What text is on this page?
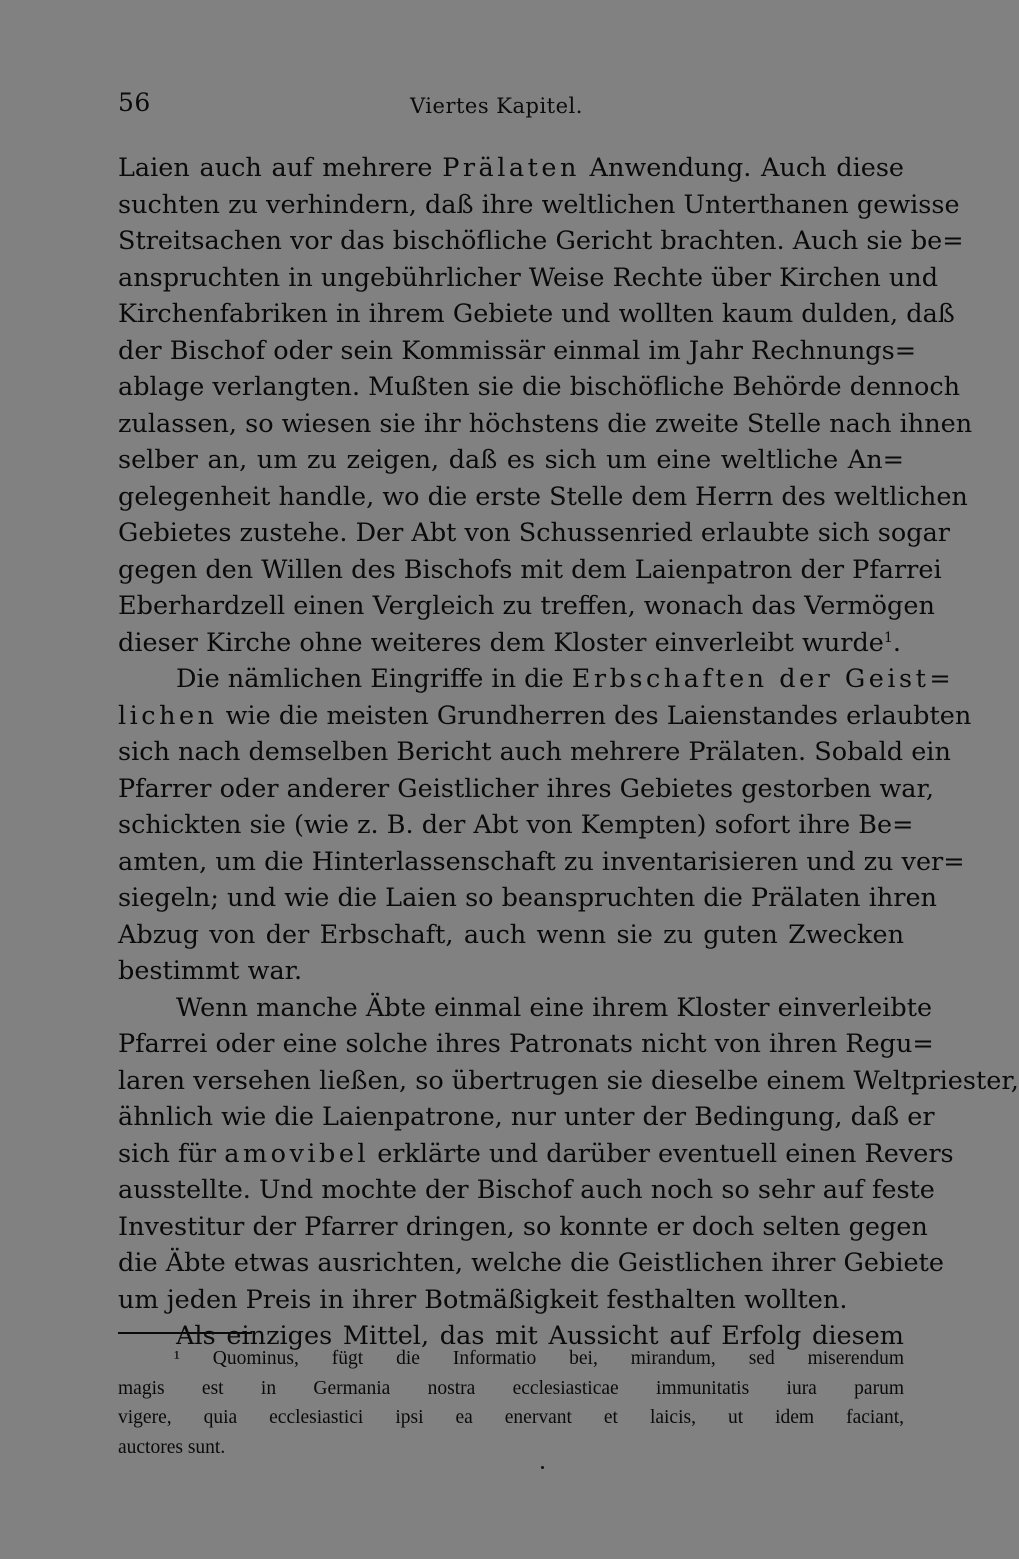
56	Viertes Kapitel.
Laien auch auf mehrere Prälaten Anwendung. Auch diese
suchten zu verhindern, daß ihre weltlichen Unterthanen gewisse
Streitsachen vor das bischöfliche Gericht brachten. Auch sie be=
anspruchten in ungebührlicher Weise Rechte über Kirchen und
Kirchenfabriken in ihrem Gebiete und wollten kaum dulden, daß
der Bischof oder sein Kommissär einmal im Jahr Rechnungs=
ablage verlangten. Mußten sie die bischöfliche Behörde dennoch
zulassen, so wiesen sie ihr höchstens die zweite Stelle nach ihnen
selber an, um zu zeigen, daß es sich um eine weltliche An=
gelegenheit handle, wo die erste Stelle dem Herrn des weltlichen
Gebietes zustehe. Der Abt von Schussenried erlaubte sich sogar
gegen den Willen des Bischofs mit dem Laienpatron der Pfarrei
Eberhardzell einen Vergleich zu treffen, wonach das Vermögen
dieser Kirche ohne weiteres dem Kloster einverleibt wurde$^1$.
Die nämlichen Eingriffe in die Erbschaften der Geist=
lichen wie die meisten Grundherren des Laienstandes erlaubten
sich nach demselben Bericht auch mehrere Prälaten. Sobald ein
Pfarrer oder anderer Geistlicher ihres Gebietes gestorben war,
schickten sie (wie z. B. der Abt von Kempten) sofort ihre Be=
amten, um die Hinterlassenschaft zu inventarisieren und zu ver=
siegeln; und wie die Laien so beanspruchten die Prälaten ihren
Abzug von der Erbschaft, auch wenn sie zu guten Zwecken
bestimmt war.
Wenn manche Äbte einmal eine ihrem Kloster einverleibte
Pfarrei oder eine solche ihres Patronats nicht von ihren Regu=
laren versehen ließen, so übertrugen sie dieselbe einem Weltpriester,
ähnlich wie die Laienpatrone, nur unter der Bedingung, daß er
sich für amovibel erklärte und darüber eventuell einen Revers
ausstellte. Und mochte der Bischof auch noch so sehr auf feste
Investitur der Pfarrer dringen, so konnte er doch selten gegen
die Äbte etwas ausrichten, welche die Geistlichen ihrer Gebiete
um jeden Preis in ihrer Botmäßigkeit festhalten wollten.
Als einziges Mittel, das mit Aussicht auf Erfolg diesem
¹ Quominus, fügt die Informatio bei, mirandum, sed miserendum
magis est in Germania nostra ecclesiasticae immunitatis iura parum
vigere, quia ecclesiastici ipsi ea enervant et laicis, ut idem faciant,
auctores sunt.
